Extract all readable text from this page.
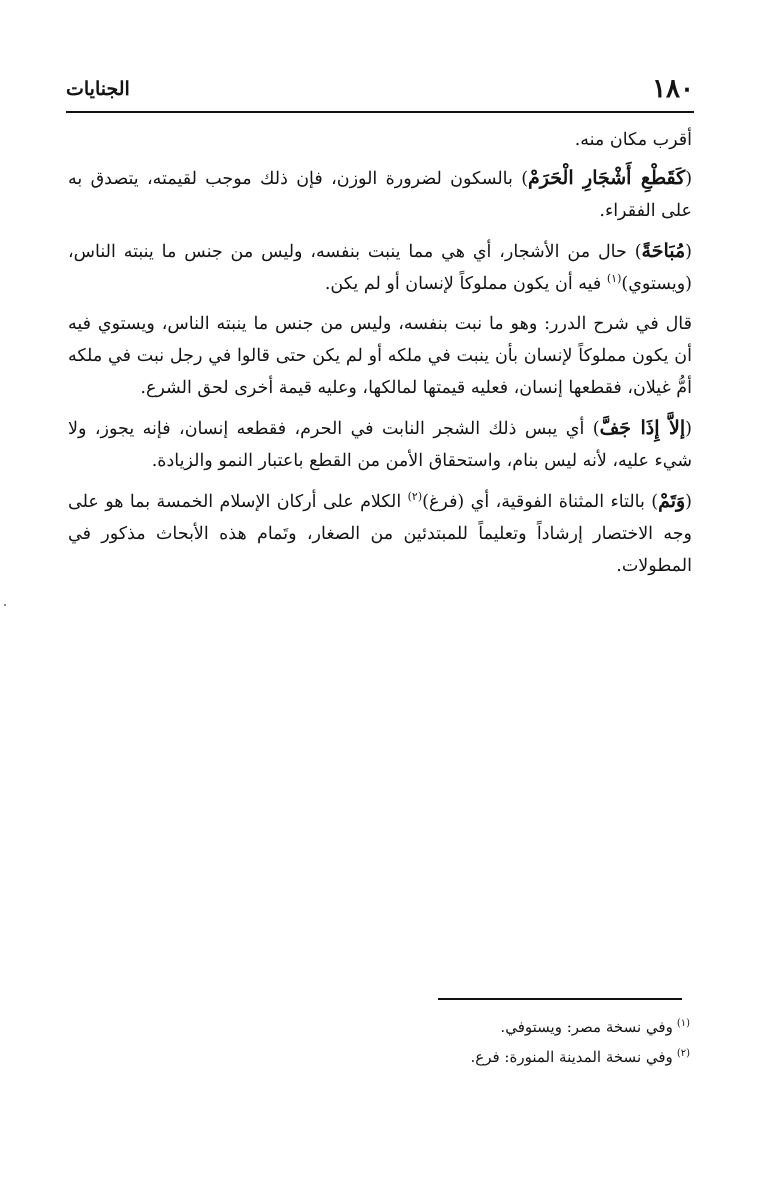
١٨٠
الجنايات

أقرب مكان منه.

(كَقَطْعِ أَشْجَارِ الْحَرَمْ) بالسكون لضرورة الوزن، فإن ذلك موجب لقيمته، يتصدق به على الفقراء.

(مُبَاحَةً) حال من الأشجار، أي هي مما ينبت بنفسه، وليس من جنس ما ينبته الناس، (ويستوي)$^{(١)}$ فيه أن يكون مملوكاً لإنسان أو لم يكن.

قال في شرح الدرر: وهو ما نبت بنفسه، وليس من جنس ما ينبته الناس، ويستوي فيه أن يكون مملوكاً لإنسان بأن ينبت في ملكه أو لم يكن حتى قالوا في رجل نبت في ملكه أمُّ غيلان، فقطعها إنسان، فعليه قيمتها لمالكها، وعليه قيمة أخرى لحق الشرع.

(إلاَّ إِذَا جَفَّ) أي يبس ذلك الشجر النابت في الحرم، فقطعه إنسان، فإنه يجوز، ولا شيء عليه، لأنه ليس بنام، واستحقاق الأمن من القطع باعتبار النمو والزيادة.

(وَتَمْ) بالتاء المثناة الفوقية، أي (فرغ)$^{(٢)}$ الكلام على أركان الإسلام الخمسة بما هو على وجه الاختصار إرشاداً وتعليماً للمبتدئين من الصغار، وتَمام هذه الأبحاث مذكور في المطولات.

$^{(١)}$وفي نسخة مصر: ويستوفي.

$^{(٢)}$وفي نسخة المدينة المنورة: فرع.
